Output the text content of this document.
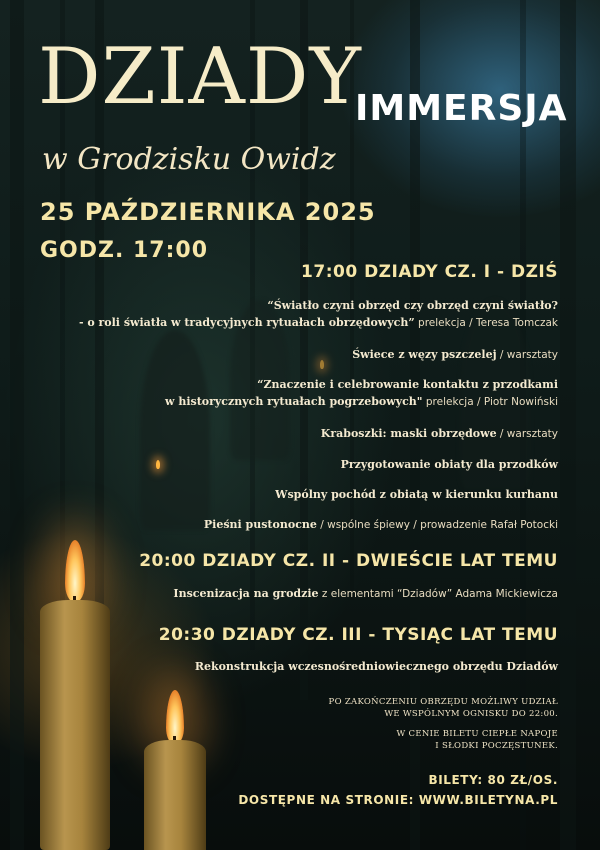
DZIADY
IMMERSJA
w Grodzisku Owidz
25 PAŹDZIERNIKA 2025
GODZ. 17:00
17:00 DZIADY CZ. I - DZIŚ
“Światło czyni obrzęd czy obrzęd czyni światło?
- o roli światła w tradycyjnych rytuałach obrzędowych” prelekcja / Teresa Tomczak
Świece z węzy pszczelej / warsztaty
“Znaczenie i celebrowanie kontaktu z przodkami
w historycznych rytuałach pogrzebowych" prelekcja / Piotr Nowiński
Kraboszki: maski obrzędowe / warsztaty
Przygotowanie obiaty dla przodków
Wspólny pochód z obiatą w kierunku kurhanu
Pieśni pustonocne / wspólne śpiewy / prowadzenie Rafał Potocki
20:00 DZIADY CZ. II - DWIEŚCIE LAT TEMU
Inscenizacja na grodzie z elementami “Dziadów” Adama Mickiewicza
20:30 DZIADY CZ. III - TYSIĄC LAT TEMU
Rekonstrukcja wczesnośredniowiecznego obrzędu Dziadów
PO ZAKOŃCZENIU OBRZĘDU MOŻLIWY UDZIAŁ
WE WSPÓLNYM OGNISKU DO 22:00.
W CENIE BILETU CIEPŁE NAPOJE
I SŁODKI POCZĘSTUNEK.
BILETY: 80 ZŁ/OS.
DOSTĘPNE NA STRONIE: WWW.BILETYNA.PL
